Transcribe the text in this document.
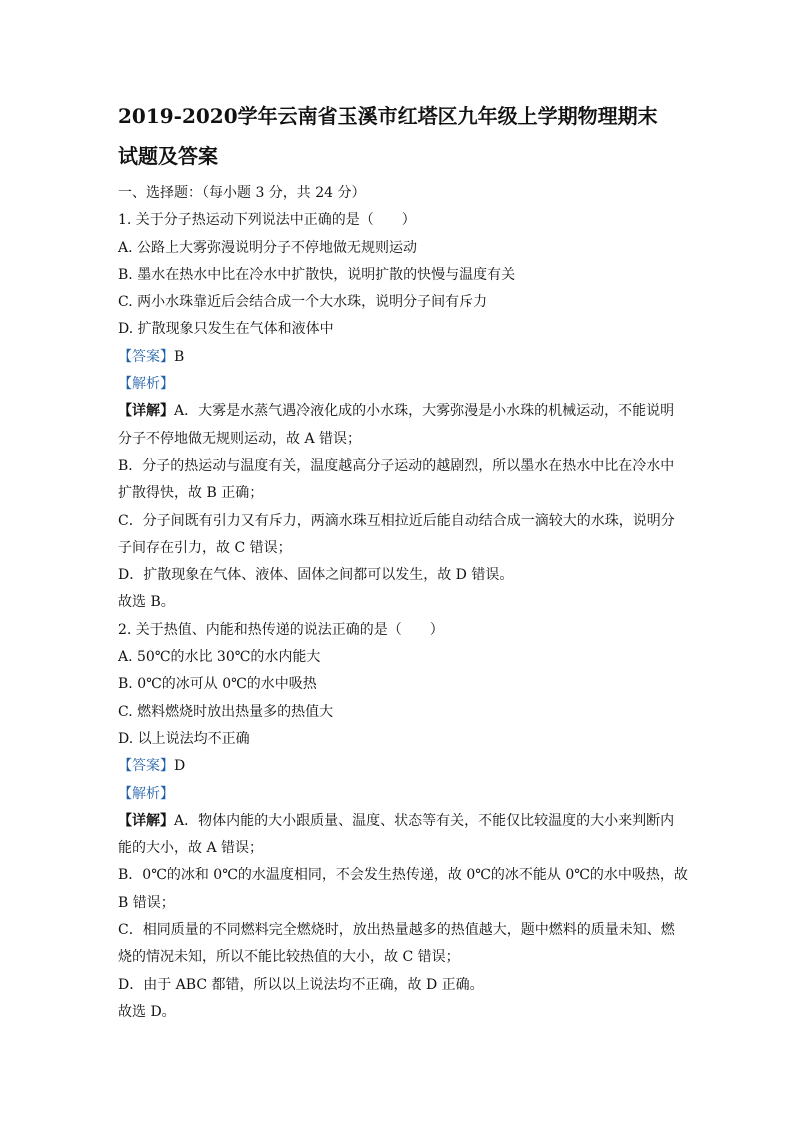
2019-2020学年云南省玉溪市红塔区九年级上学期物理期末
试题及答案
一、选择题：（每小题 3 分，共 24 分）
1. 关于分子热运动下列说法中正确的是（　　）
A. 公路上大雾弥漫说明分子不停地做无规则运动
B. 墨水在热水中比在冷水中扩散快，说明扩散的快慢与温度有关
C. 两小水珠靠近后会结合成一个大水珠，说明分子间有斥力
D. 扩散现象只发生在气体和液体中
【答案】B
【解析】
【详解】A．大雾是水蒸气遇冷液化成的小水珠，大雾弥漫是小水珠的机械运动，不能说明
分子不停地做无规则运动，故 A 错误；
B．分子的热运动与温度有关，温度越高分子运动的越剧烈，所以墨水在热水中比在冷水中
扩散得快，故 B 正确；
C．分子间既有引力又有斥力，两滴水珠互相拉近后能自动结合成一滴较大的水珠，说明分
子间存在引力，故 C 错误；
D．扩散现象在气体、液体、固体之间都可以发生，故 D 错误。
故选 B。
2. 关于热值、内能和热传递的说法正确的是（　　）
A. 50℃的水比 30℃的水内能大
B. 0℃的冰可从 0℃的水中吸热
C. 燃料燃烧时放出热量多的热值大
D. 以上说法均不正确
【答案】D
【解析】
【详解】A．物体内能的大小跟质量、温度、状态等有关，不能仅比较温度的大小来判断内
能的大小，故 A 错误；
B．0℃的冰和 0℃的水温度相同，不会发生热传递，故 0℃的冰不能从 0℃的水中吸热，故
B 错误；
C．相同质量的不同燃料完全燃烧时，放出热量越多的热值越大，题中燃料的质量未知、燃
烧的情况未知，所以不能比较热值的大小，故 C 错误；
D．由于 ABC 都错，所以以上说法均不正确，故 D 正确。
故选 D。
